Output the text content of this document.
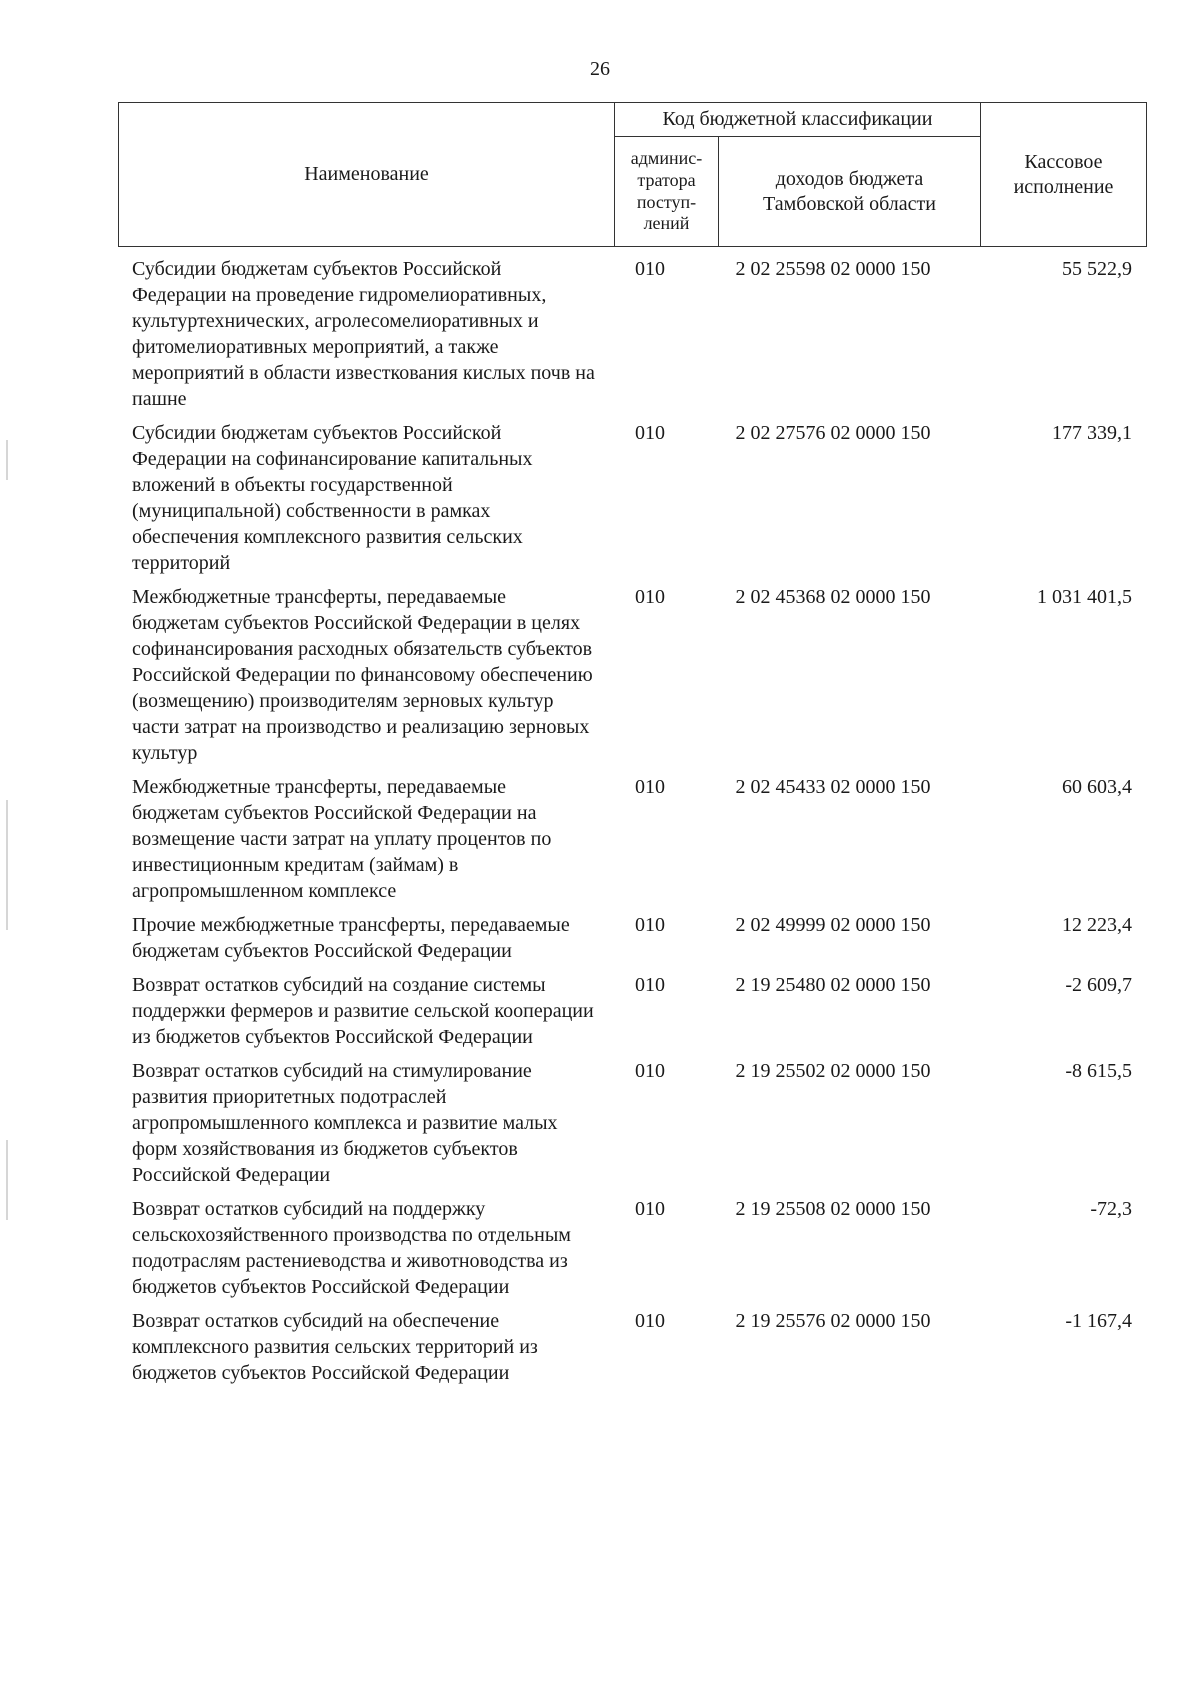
26
Наименование	Код бюджетной классификации		Кассовое исполнение
	админис-тратора поступ-лений	доходов бюджета Тамбовской области	
Субсидии бюджетам субъектов Российской Федерации на проведение гидромелиоративных, культуртехнических, агролесомелиоративных и фитомелиоративных мероприятий, а также мероприятий в области известкования кислых почв на пашне
010	2 02 25598 02 0000 150	55 522,9
Субсидии бюджетам субъектов Российской Федерации на софинансирование капитальных вложений в объекты государственной (муниципальной) собственности в рамках обеспечения комплексного развития сельских территорий
010	2 02 27576 02 0000 150	177 339,1
Межбюджетные трансферты, передаваемые бюджетам субъектов Российской Федерации в целях софинансирования расходных обязательств субъектов Российской Федерации по финансовому обеспечению (возмещению) производителям зерновых культур части затрат на производство и реализацию зерновых культур
010	2 02 45368 02 0000 150	1 031 401,5
Межбюджетные трансферты, передаваемые бюджетам субъектов Российской Федерации на возмещение части затрат на уплату процентов по инвестиционным кредитам (займам) в агропромышленном комплексе
010	2 02 45433 02 0000 150	60 603,4
Прочие межбюджетные трансферты, передаваемые бюджетам субъектов Российской Федерации
010	2 02 49999 02 0000 150	12 223,4
Возврат остатков субсидий на создание системы поддержки фермеров и развитие сельской кооперации из бюджетов субъектов Российской Федерации
010	2 19 25480 02 0000 150	-2 609,7
Возврат остатков субсидий на стимулирование развития приоритетных подотраслей агропромышленного комплекса и развитие малых форм хозяйствования из бюджетов субъектов Российской Федерации
010	2 19 25502 02 0000 150	-8 615,5
Возврат остатков субсидий на поддержку сельскохозяйственного производства по отдельным подотраслям растениеводства и животноводства из бюджетов субъектов Российской Федерации
010	2 19 25508 02 0000 150	-72,3
Возврат остатков субсидий на обеспечение комплексного развития сельских территорий из бюджетов субъектов Российской Федерации
010	2 19 25576 02 0000 150	-1 167,4
